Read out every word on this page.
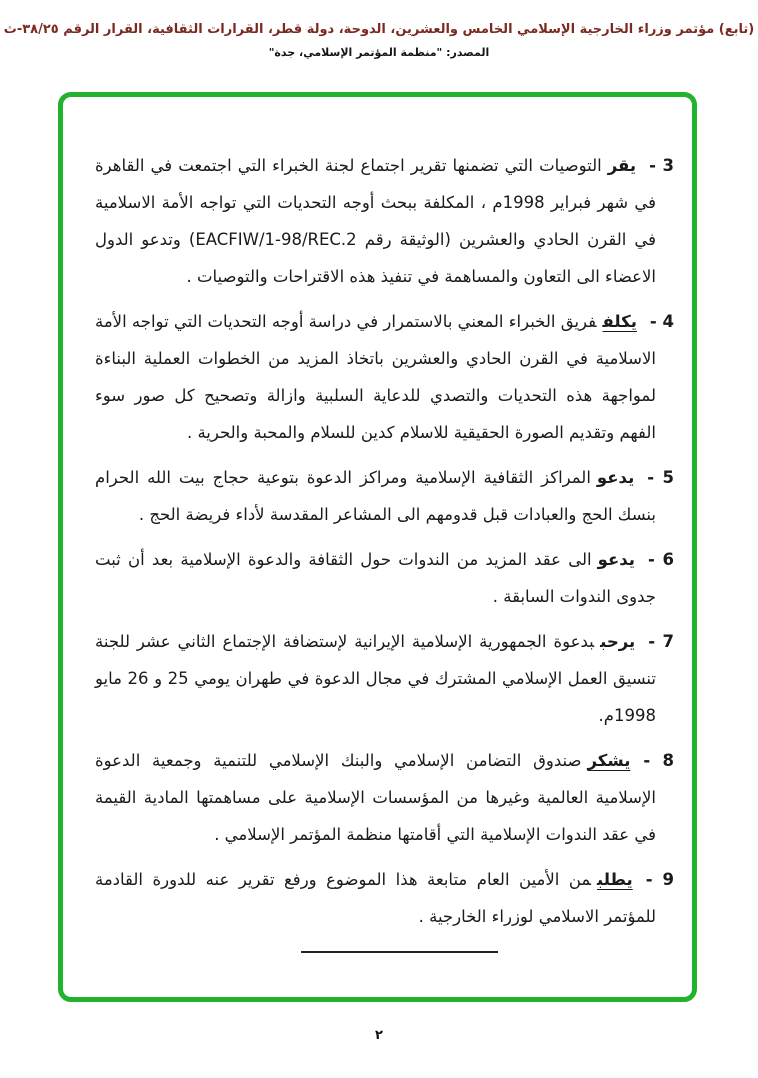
(تابع) مؤتمر وزراء الخارجية الإسلامي الخامس والعشرين، الدوحة، دولة قطر، القرارات الثقافية، القرار الرقم ٣٨/٢٥-ث
المصدر: "منظمة المؤتمر الإسلامي، جدة"
3 -يقرالتوصيات التي تضمنها تقرير اجتماع لجنة الخبراء التي اجتمعت في القاهرة في شهر فبراير 1998م ، المكلفة ببحث أوجه التحديات التي تواجه الأمة الاسلامية في القرن الحادي والعشرين (الوثيقة رقم EACFIW/1-98/REC.2) وتدعو الدول الاعضاء الى التعاون والمساهمة في تنفيذ هذه الاقتراحات والتوصيات .
4 -يكلففريق الخبراء المعني بالاستمرار في دراسة أوجه التحديات التي تواجه الأمة الاسلامية في القرن الحادي والعشرين باتخاذ المزيد من الخطوات العملية البناءة لمواجهة هذه التحديات والتصدي للدعاية السلبية وازالة وتصحيح كل صور سوء الفهم وتقديم الصورة الحقيقية للاسلام كدين للسلام والمحبة والحرية .
5 -يدعوالمراكز الثقافية الإسلامية ومراكز الدعوة بتوعية حجاج بيت الله الحرام بنسك الحج والعبادات قبل قدومهم الى المشاعر المقدسة لأداء فريضة الحج .
6 -يدعوالى عقد المزيد من الندوات حول الثقافة والدعوة الإسلامية بعد أن ثبت جدوى الندوات السابقة .
7 -يرحببدعوة الجمهورية الإسلامية الإيرانية لإستضافة الإجتماع الثاني عشر للجنة تنسيق العمل الإسلامي المشترك في مجال الدعوة في طهران يومي 25 و 26 مايو 1998م.
8 -يشكرصندوق التضامن الإسلامي والبنك الإسلامي للتنمية وجمعية الدعوة الإسلامية العالمية وغيرها من المؤسسات الإسلامية على مساهمتها المادية القيمة في عقد الندوات الإسلامية التي أقامتها منظمة المؤتمر الإسلامي .
9 -يطلبمن الأمين العام متابعة هذا الموضوع ورفع تقرير عنه للدورة القادمة للمؤتمر الاسلامي لوزراء الخارجية .
٢
